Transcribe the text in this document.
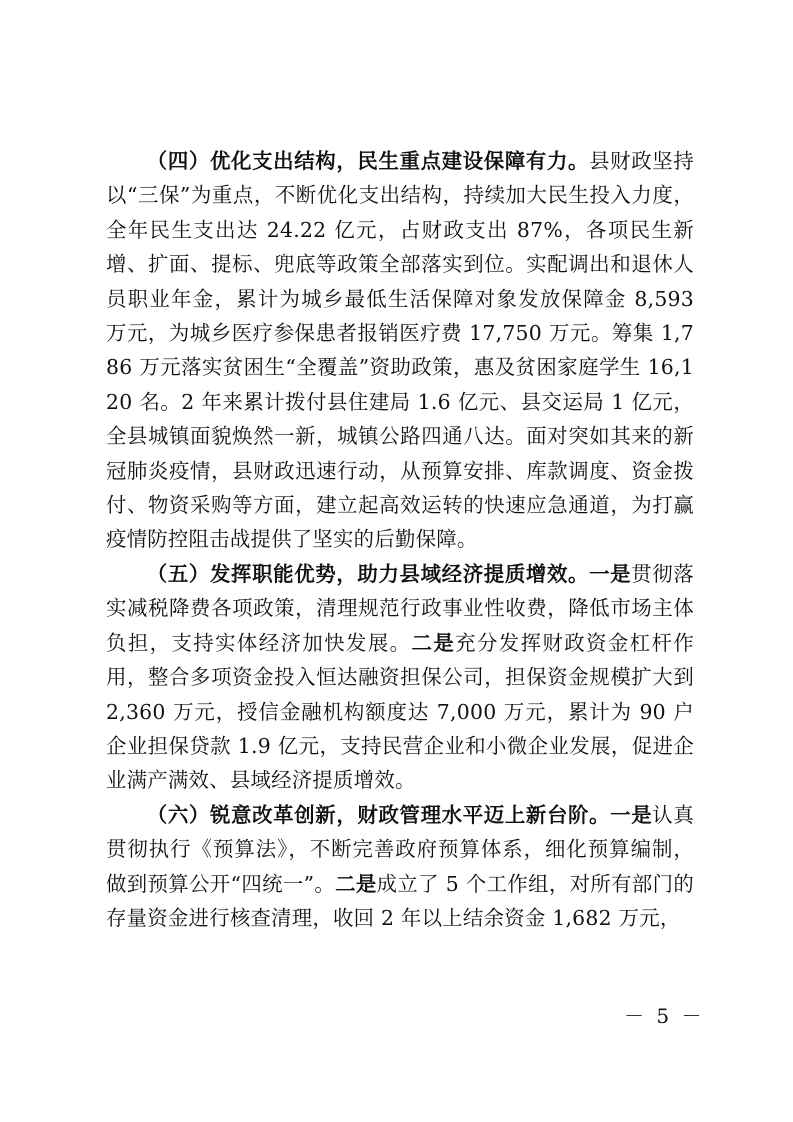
（四）优化支出结构，民生重点建设保障有力。县财政坚持以“三保”为重点，不断优化支出结构，持续加大民生投入力度，全年民生支出达 24.22 亿元，占财政支出 87%，各项民生新增、扩面、提标、兜底等政策全部落实到位。实配调出和退休人员职业年金，累计为城乡最低生活保障对象发放保障金 8,593 万元，为城乡医疗参保患者报销医疗费 17,750 万元。筹集 1,786 万元落实贫困生“全覆盖”资助政策，惠及贫困家庭学生 16,120 名。2 年来累计拨付县住建局 1.6 亿元、县交运局 1 亿元，全县城镇面貌焕然一新，城镇公路四通八达。面对突如其来的新冠肺炎疫情，县财政迅速行动，从预算安排、库款调度、资金拨付、物资采购等方面，建立起高效运转的快速应急通道，为打赢疫情防控阻击战提供了坚实的后勤保障。

（五）发挥职能优势，助力县域经济提质增效。一是贯彻落实减税降费各项政策，清理规范行政事业性收费，降低市场主体负担，支持实体经济加快发展。二是充分发挥财政资金杠杆作用，整合多项资金投入恒达融资担保公司，担保资金规模扩大到 2,360 万元，授信金融机构额度达 7,000 万元，累计为 90 户企业担保贷款 1.9 亿元，支持民营企业和小微企业发展，促进企业满产满效、县域经济提质增效。

（六）锐意改革创新，财政管理水平迈上新台阶。一是认真贯彻执行《预算法》，不断完善政府预算体系，细化预算编制，做到预算公开“四统一”。二是成立了 5 个工作组，对所有部门的存量资金进行核查清理，收回 2 年以上结余资金 1,682 万元，

－ 5 －
